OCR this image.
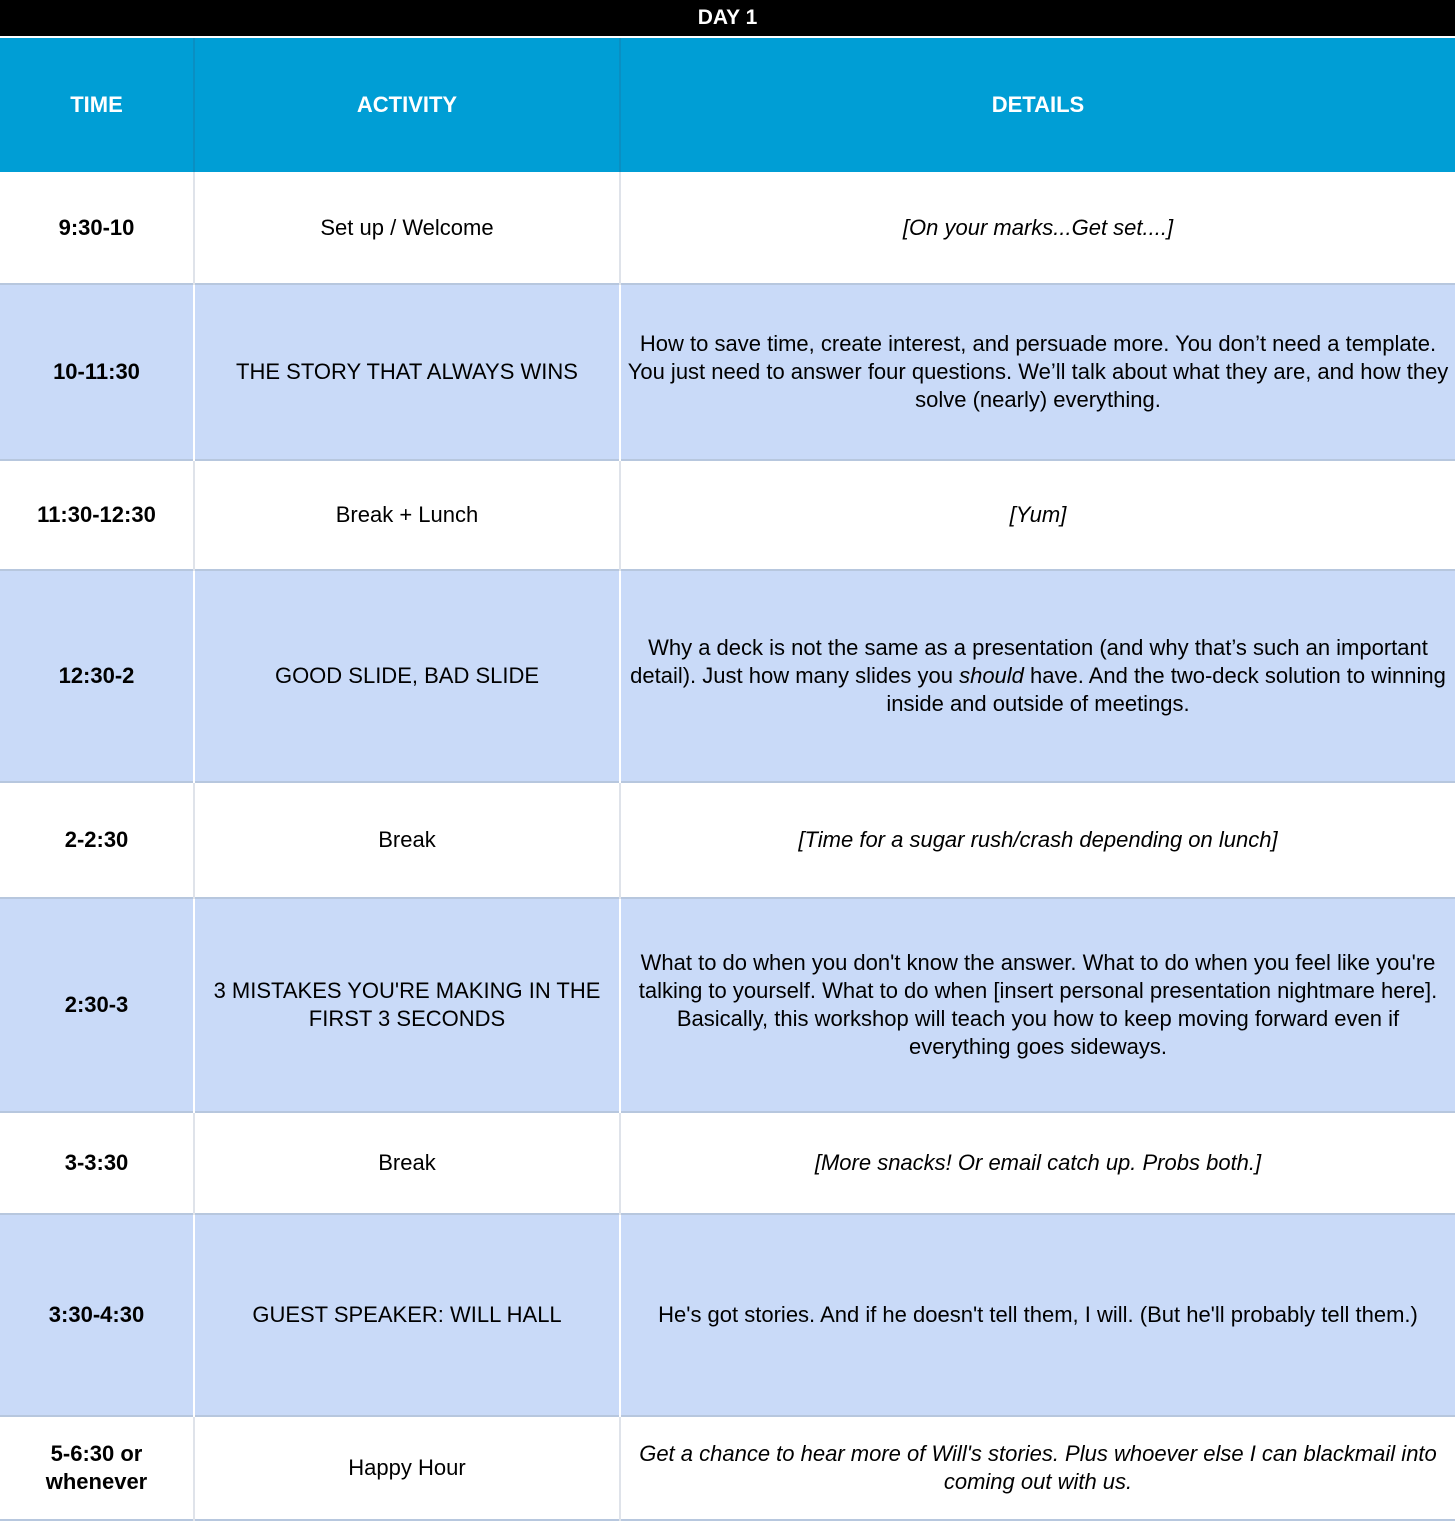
DAY 1
TIME	ACTIVITY	DETAILS
9:30-10	Set up / Welcome	[On your marks...Get set....]
10-11:30	THE STORY THAT ALWAYS WINS	How to save time, create interest, and persuade more. You don’t need a template. You just need to answer four questions. We’ll talk about what they are, and how they solve (nearly) everything.
11:30-12:30	Break + Lunch	[Yum]
12:30-2	GOOD SLIDE, BAD SLIDE	Why a deck is not the same as a presentation (and why that’s such an important detail). Just how many slides you should have. And the two-deck solution to winning inside and outside of meetings.
2-2:30	Break	[Time for a sugar rush/crash depending on lunch]
2:30-3	3 MISTAKES YOU'RE MAKING IN THE FIRST 3 SECONDS	What to do when you don't know the answer. What to do when you feel like you're talking to yourself. What to do when [insert personal presentation nightmare here]. Basically, this workshop will teach you how to keep moving forward even if everything goes sideways.
3-3:30	Break	[More snacks! Or email catch up. Probs both.]
3:30-4:30	GUEST SPEAKER: WILL HALL	He's got stories. And if he doesn't tell them, I will. (But he'll probably tell them.)
5-6:30 or whenever	Happy Hour	Get a chance to hear more of Will's stories. Plus whoever else I can blackmail into coming out with us.
